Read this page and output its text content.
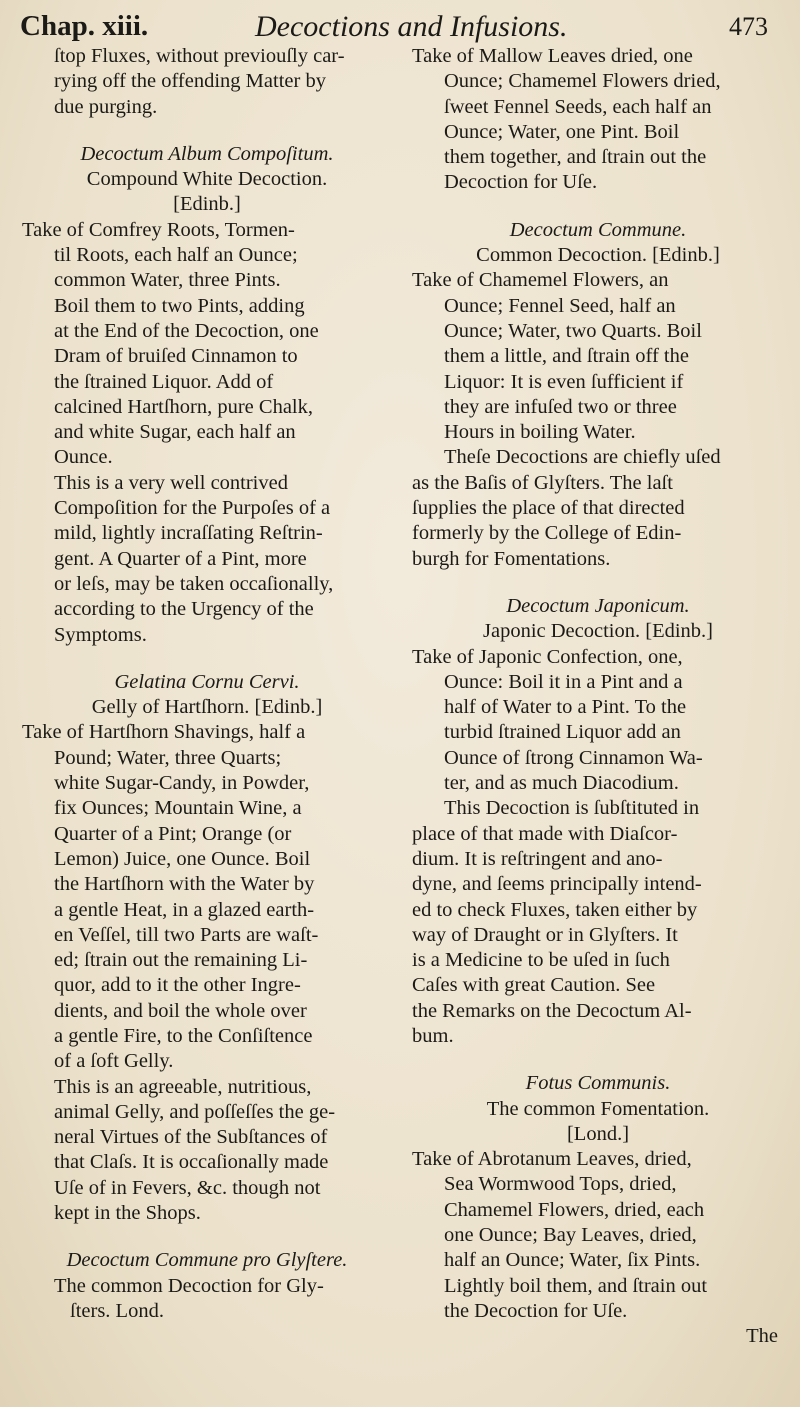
Chap. xiii.	Decoctions and Infusions.	473
ſtop Fluxes, without previouſly car-
rying off the offending Matter by
due purging.
Decoctum Album Compoſitum.
Compound White Decoction.
[Edinb.]
Take of Comfrey Roots, Tormen-
til Roots, each half an Ounce;
common Water, three Pints.
Boil them to two Pints, adding
at the End of the Decoction, one
Dram of bruiſed Cinnamon to
the ſtrained Liquor. Add of
calcined Hartſhorn, pure Chalk,
and white Sugar, each half an
Ounce.
This is a very well contrived
Compoſition for the Purpoſes of a
mild, lightly incraſſating Reſtrin-
gent. A Quarter of a Pint, more
or leſs, may be taken occaſionally,
according to the Urgency of the
Symptoms.
Gelatina Cornu Cervi.
Gelly of Hartſhorn. [Edinb.]
Take of Hartſhorn Shavings, half a
Pound; Water, three Quarts;
white Sugar-Candy, in Powder,
fix Ounces; Mountain Wine, a
Quarter of a Pint; Orange (or
Lemon) Juice, one Ounce. Boil
the Hartſhorn with the Water by
a gentle Heat, in a glazed earth-
en Veſſel, till two Parts are waſt-
ed; ſtrain out the remaining Li-
quor, add to it the other Ingre-
dients, and boil the whole over
a gentle Fire, to the Conſiſtence
of a ſoft Gelly.
This is an agreeable, nutritious,
animal Gelly, and poſſeſſes the ge-
neral Virtues of the Subſtances of
that Claſs. It is occaſionally made
Uſe of in Fevers, &c. though not
kept in the Shops.
Decoctum Commune pro Glyſtere.
The common Decoction for Gly-
ſters. Lond.
Take of Mallow Leaves dried, one
Ounce; Chamemel Flowers dried,
ſweet Fennel Seeds, each half an
Ounce; Water, one Pint. Boil
them together, and ſtrain out the
Decoction for Uſe.
Decoctum Commune.
Common Decoction. [Edinb.]
Take of Chamemel Flowers, an
Ounce; Fennel Seed, half an
Ounce; Water, two Quarts. Boil
them a little, and ſtrain off the
Liquor: It is even ſufficient if
they are infuſed two or three
Hours in boiling Water.
Theſe Decoctions are chiefly uſed
as the Baſis of Glyſters. The laſt
ſupplies the place of that directed
formerly by the College of Edin-
burgh for Fomentations.
Decoctum Japonicum.
Japonic Decoction. [Edinb.]
Take of Japonic Confection, one,
Ounce: Boil it in a Pint and a
half of Water to a Pint. To the
turbid ſtrained Liquor add an
Ounce of ſtrong Cinnamon Wa-
ter, and as much Diacodium.
This Decoction is ſubſtituted in
place of that made with Diaſcor-
dium. It is reſtringent and ano-
dyne, and ſeems principally intend-
ed to check Fluxes, taken either by
way of Draught or in Glyſters. It
is a Medicine to be uſed in ſuch
Caſes with great Caution. See
the Remarks on the Decoctum Al-
bum.
Fotus Communis.
The common Fomentation.
[Lond.]
Take of Abrotanum Leaves, dried,
Sea Wormwood Tops, dried,
Chamemel Flowers, dried, each
one Ounce; Bay Leaves, dried,
half an Ounce; Water, ſix Pints.
Lightly boil them, and ſtrain out
the Decoction for Uſe.
The
